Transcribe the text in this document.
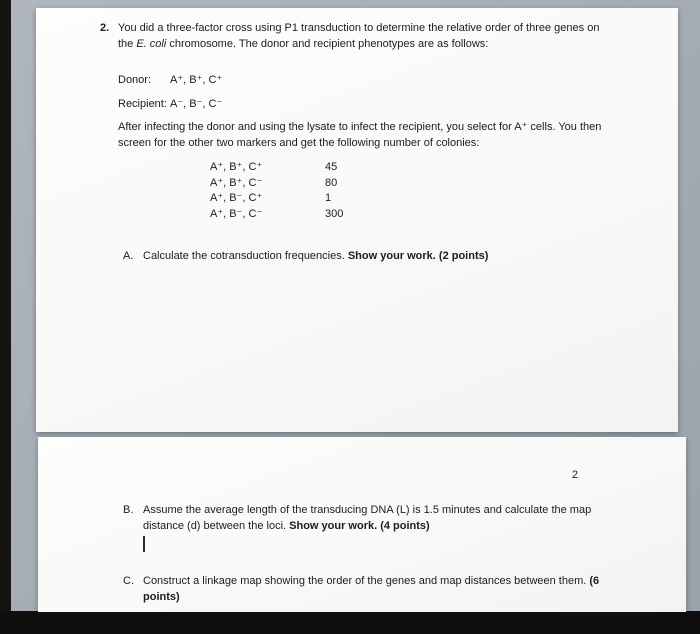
2. You did a three-factor cross using P1 transduction to determine the relative order of three genes on the E. coli chromosome. The donor and recipient phenotypes are as follows:

Donor:	A⁺, B⁺, C⁺
Recipient: A⁻, B⁻, C⁻

After infecting the donor and using the lysate to infect the recipient, you select for A⁺ cells. You then screen for the other two markers and get the following number of colonies:

A⁺, B⁺, C⁺	45
A⁺, B⁺, C⁻	80
A⁺, B⁻, C⁺	1
A⁺, B⁻, C⁻	300
A. Calculate the cotransduction frequencies. Show your work. (2 points)
2
B. Assume the average length of the transducing DNA (L) is 1.5 minutes and calculate the map distance (d) between the loci. Show your work. (4 points)
C. Construct a linkage map showing the order of the genes and map distances between them. (6 points)
